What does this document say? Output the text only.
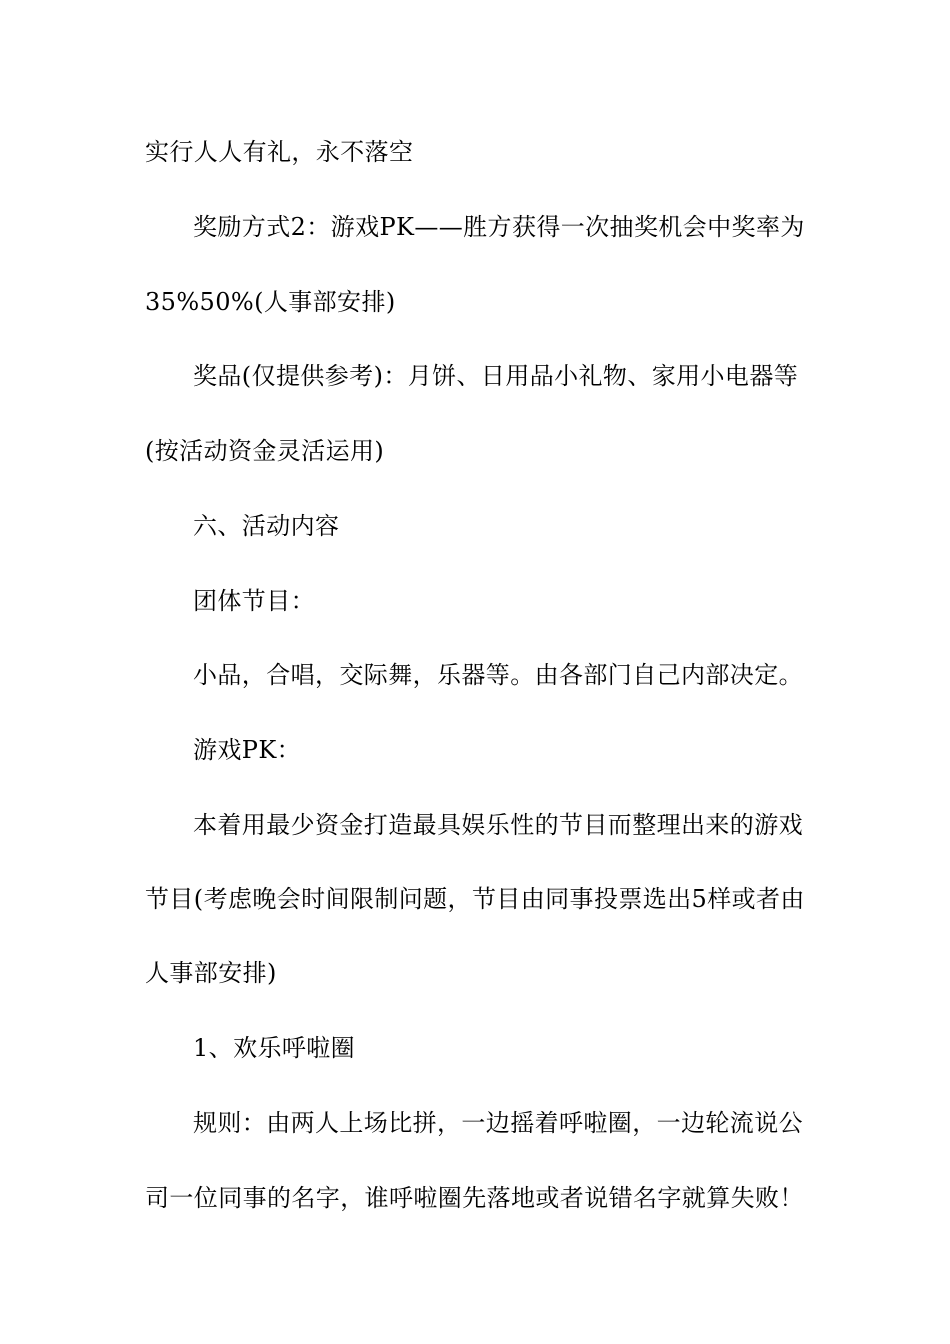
实行人人有礼，永不落空
奖励方式2：游戏PK——胜方获得一次抽奖机会中奖率为
35%50%(人事部安排)
奖品(仅提供参考)：月饼、日用品小礼物、家用小电器等
(按活动资金灵活运用)
六、活动内容
团体节目：
小品，合唱，交际舞，乐器等。由各部门自己内部决定。
游戏PK：
本着用最少资金打造最具娱乐性的节目而整理出来的游戏
节目(考虑晚会时间限制问题，节目由同事投票选出5样或者由
人事部安排)
1、欢乐呼啦圈
规则：由两人上场比拼，一边摇着呼啦圈，一边轮流说公
司一位同事的名字，谁呼啦圈先落地或者说错名字就算失败！
